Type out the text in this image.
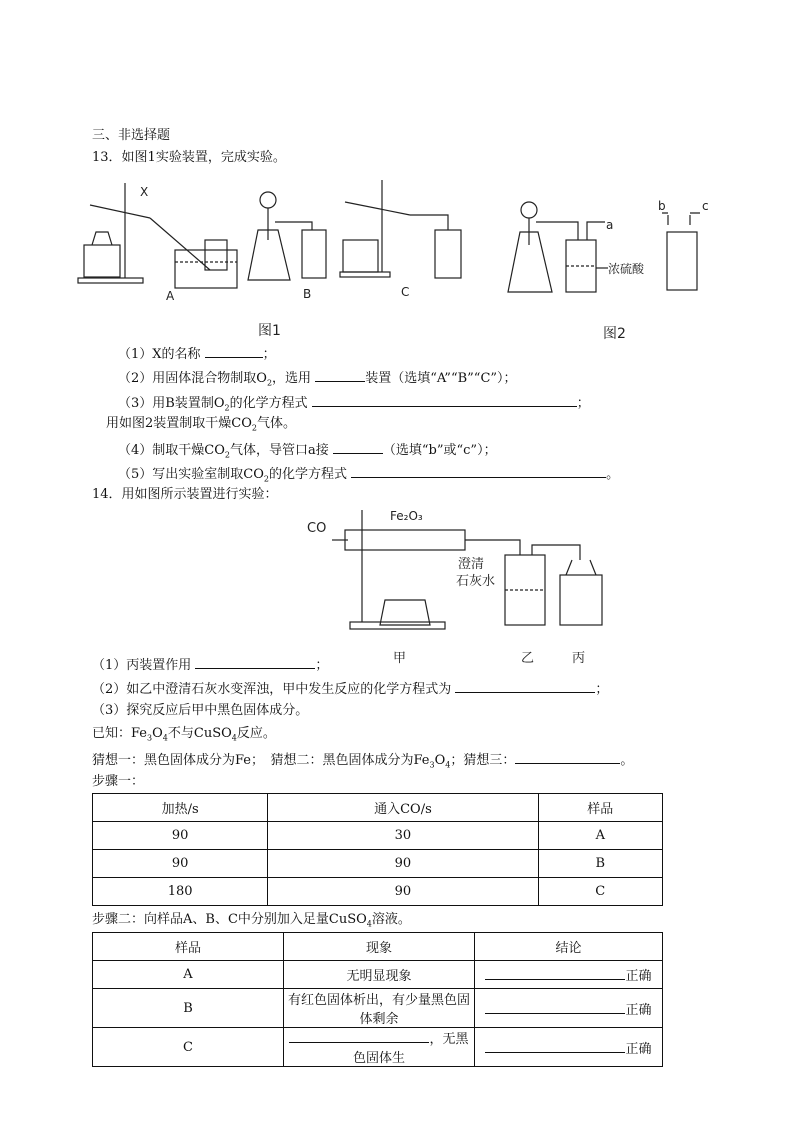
三、非选择题
13．如图1实验装置，完成实验。
X
A	B	C
图1	图2
a
b	c
浓硫酸
CO
Fe₂O₃
澄清
石灰水
甲	乙	丙
（1）X的名称	；
（2）用固体混合物制取$O_2$，选用	装置（选填“A”“B”“C”）；
（3）用B装置制$O_2$的化学方程式	；
用如图2装置制取干燥$CO_2$气体。
（4）制取干燥$CO_2$气体，导管口a接	（选填“b”或“c”）；
（5）写出实验室制取$CO_2$的化学方程式	。
14．用如图所示装置进行实验：
（1）丙装置作用	；
（2）如乙中澄清石灰水变浑浊，甲中发生反应的化学方程式为	；
（3）探究反应后甲中黑色固体成分。
已知：$Fe_3O_4$不与CuSO$_4$反应。
猜想一：黑色固体成分为Fe；　猜想二：黑色固体成分为$Fe_3O_4$；猜想三：	。
步骤一：
加热/s	通入CO/s	样品
90	30	A
90	90	B
180	90	C
步骤二：向样品A、B、C中分别加入足量CuSO$_4$溶液。
样品	现象	结论
A	无明显现象	正确
B	有红色固体析出，有少量黑色固体剩余	正确
C	，无黑色固体生	正确
